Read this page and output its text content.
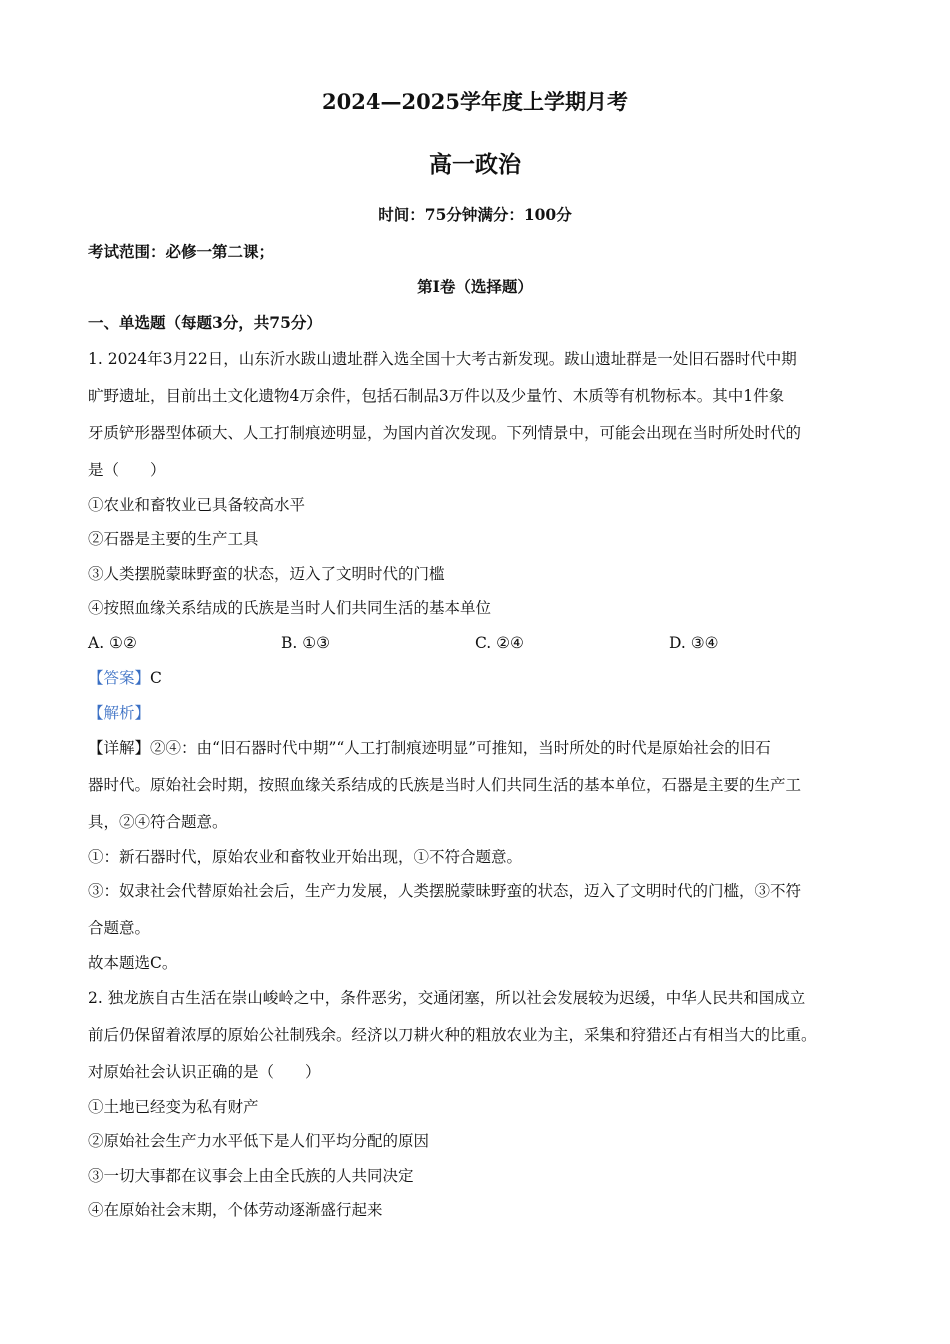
2024—2025学年度上学期月考
高一政治
时间：75分钟满分：100分
考试范围：必修一第二课；
第Ⅰ卷（选择题）
一、单选题（每题3分，共75分）
1. 2024年3月22日，山东沂水跋山遗址群入选全国十大考古新发现。跋山遗址群是一处旧石器时代中期
旷野遗址，目前出土文化遗物4万余件，包括石制品3万件以及少量竹、木质等有机物标本。其中1件象
牙质铲形器型体硕大、人工打制痕迹明显，为国内首次发现。下列情景中，可能会出现在当时所处时代的
是（　　）
①农业和畜牧业已具备较高水平
②石器是主要的生产工具
③人类摆脱蒙昧野蛮的状态，迈入了文明时代的门槛
④按照血缘关系结成的氏族是当时人们共同生活的基本单位
A. ①②	B. ①③	C. ②④	D. ③④
【答案】C
【解析】
【详解】②④：由“旧石器时代中期”“人工打制痕迹明显”可推知，当时所处的时代是原始社会的旧石
器时代。原始社会时期，按照血缘关系结成的氏族是当时人们共同生活的基本单位，石器是主要的生产工
具，②④符合题意。
①：新石器时代，原始农业和畜牧业开始出现，①不符合题意。
③：奴隶社会代替原始社会后，生产力发展，人类摆脱蒙昧野蛮的状态，迈入了文明时代的门槛，③不符
合题意。
故本题选C。
2. 独龙族自古生活在崇山峻岭之中，条件恶劣，交通闭塞，所以社会发展较为迟缓，中华人民共和国成立
前后仍保留着浓厚的原始公社制残余。经济以刀耕火种的粗放农业为主，采集和狩猎还占有相当大的比重。
对原始社会认识正确的是（　　）
①土地已经变为私有财产
②原始社会生产力水平低下是人们平均分配的原因
③一切大事都在议事会上由全氏族的人共同决定
④在原始社会末期，个体劳动逐渐盛行起来
